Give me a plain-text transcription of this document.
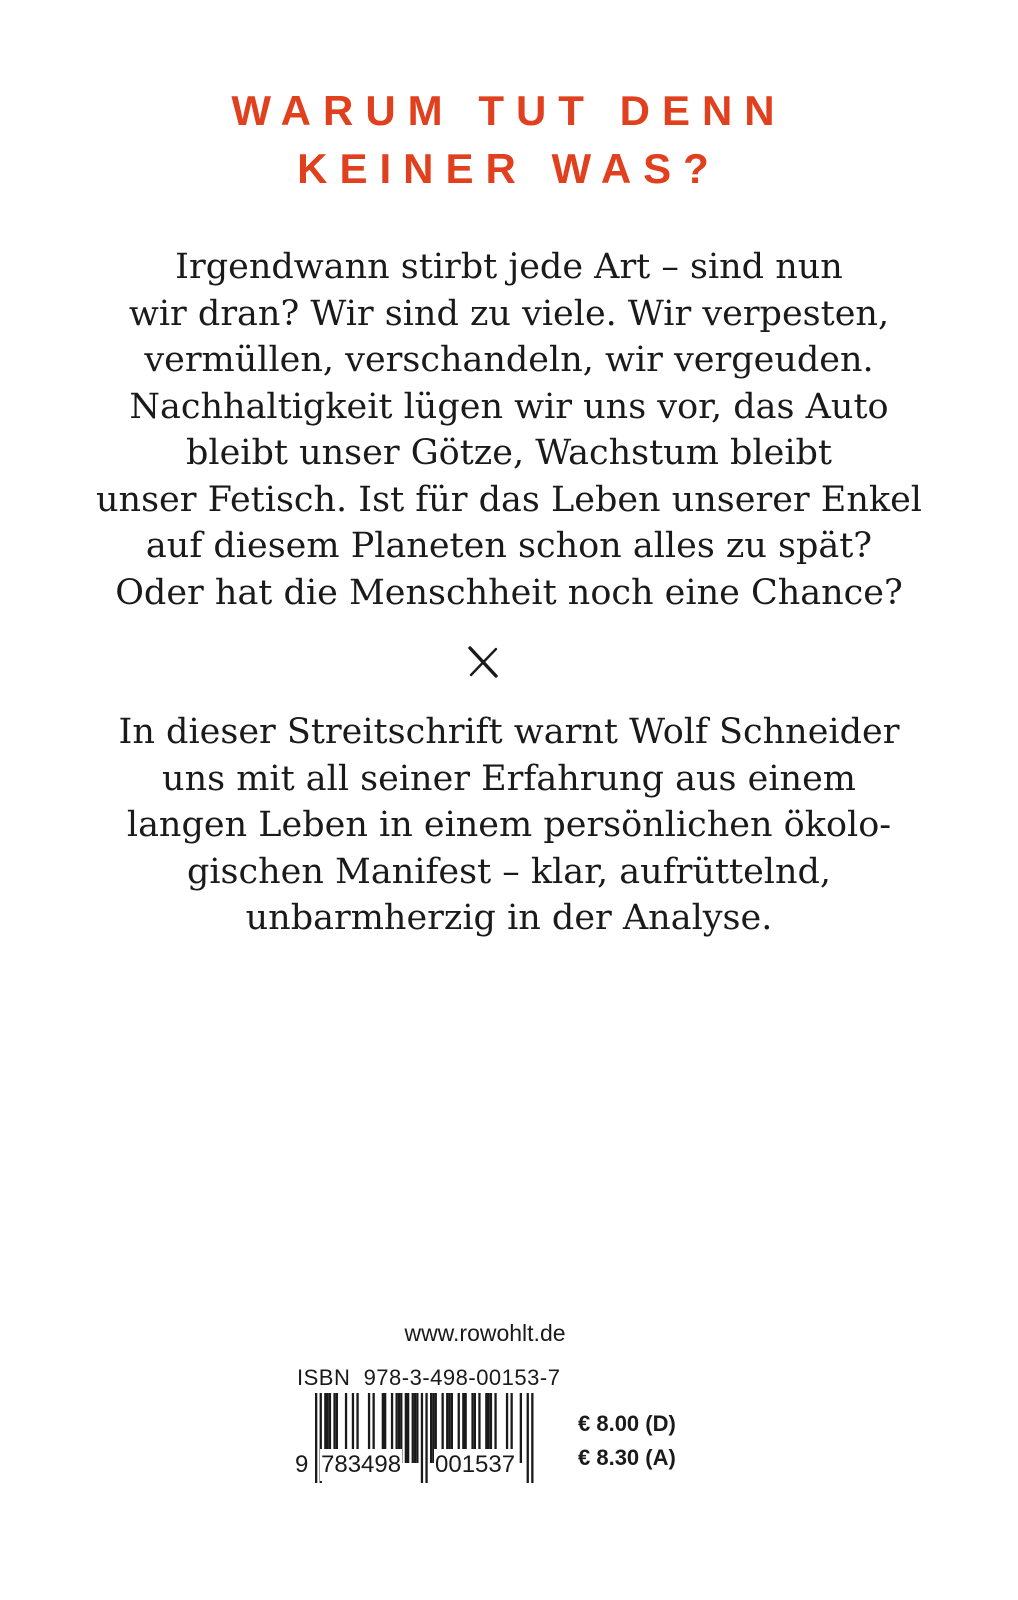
WARUM TUT DENN
KEINER WAS?

Irgendwann stirbt jede Art – sind nun
wir dran? Wir sind zu viele. Wir verpesten,
vermüllen, verschandeln, wir vergeuden.
Nachhaltigkeit lügen wir uns vor, das Auto
bleibt unser Götze, Wachstum bleibt
unser Fetisch. Ist für das Leben unserer Enkel
auf diesem Planeten schon alles zu spät?
Oder hat die Menschheit noch eine Chance?

In dieser Streitschrift warnt Wolf Schneider
uns mit all seiner Erfahrung aus einem
langen Leben in einem persönlichen ökolo-
gischen Manifest – klar, aufrüttelnd,
unbarmherzig in der Analyse.

www.rowohlt.de
ISBN  978-3-498-00153-7
9 783498 001537
€ 8.00 (D)
€ 8.30 (A)
